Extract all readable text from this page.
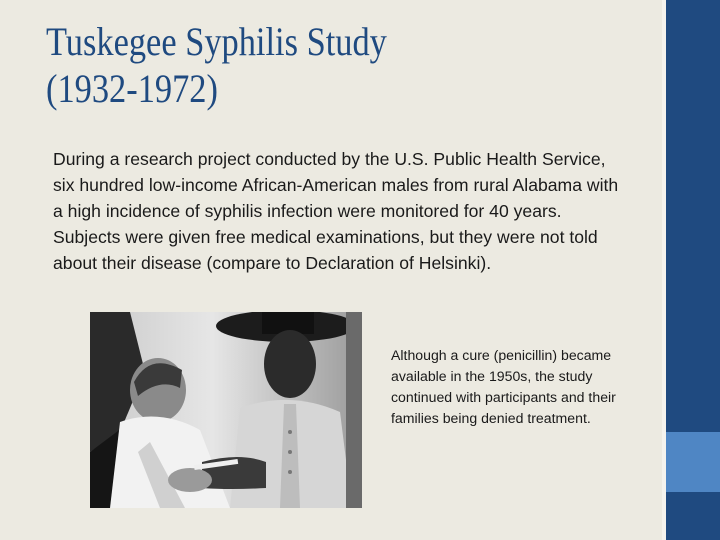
Tuskegee Syphilis Study
(1932-1972)
During a research project conducted by the U.S. Public Health Service, six hundred low-income African-American males from rural Alabama with a high incidence of syphilis infection were monitored for 40 years. Subjects were given free medical examinations, but they were not told about their disease (compare to Declaration of Helsinki).
Although a cure (penicillin) became available in the 1950s, the study continued with participants and their families being denied treatment.
